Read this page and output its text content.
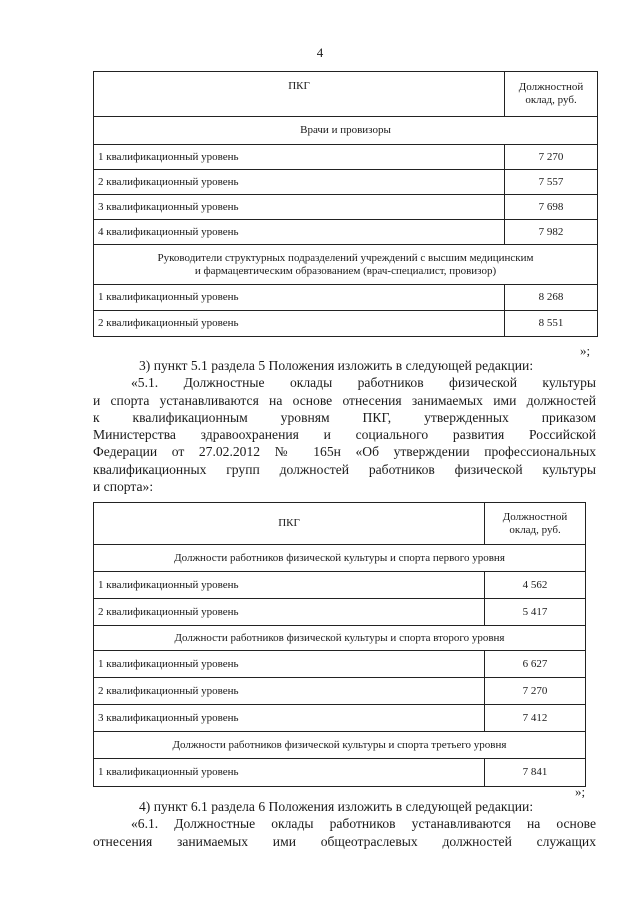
4
ПКГ	Должностной
оклад, руб.
Врачи и провизоры	
1 квалификационный уровень	7 270
2 квалификационный уровень	7 557
3 квалификационный уровень	7 698
4 квалификационный уровень	7 982
Руководители структурных подразделений учреждений с высшим медицинским
и фармацевтическим образованием (врач-специалист, провизор)	
1 квалификационный уровень	8 268
2 квалификационный уровень	8 551
»;
3) пункт 5.1 раздела 5 Положения изложить в следующей редакции:
«5.1. Должностные оклады работников физической культуры
и спорта устанавливаются на основе отнесения занимаемых ими должностей
к квалификационным уровням ПКГ, утвержденных приказом
Министерства здравоохранения и социального развития Российской
Федерации от 27.02.2012 № 165н «Об утверждении профессиональных
квалификационных групп должностей работников физической культуры
и спорта»:
ПКГ	Должностной
оклад, руб.
Должности работников физической культуры и спорта первого уровня	
1 квалификационный уровень	4 562
2 квалификационный уровень	5 417
Должности работников физической культуры и спорта второго уровня	
1 квалификационный уровень	6 627
2 квалификационный уровень	7 270
3 квалификационный уровень	7 412
Должности работников физической культуры и спорта третьего уровня	
1 квалификационный уровень	7 841
»;
4) пункт 6.1 раздела 6 Положения изложить в следующей редакции:
«6.1. Должностные оклады работников устанавливаются на основе
отнесения занимаемых ими общеотраслевых должностей служащих
